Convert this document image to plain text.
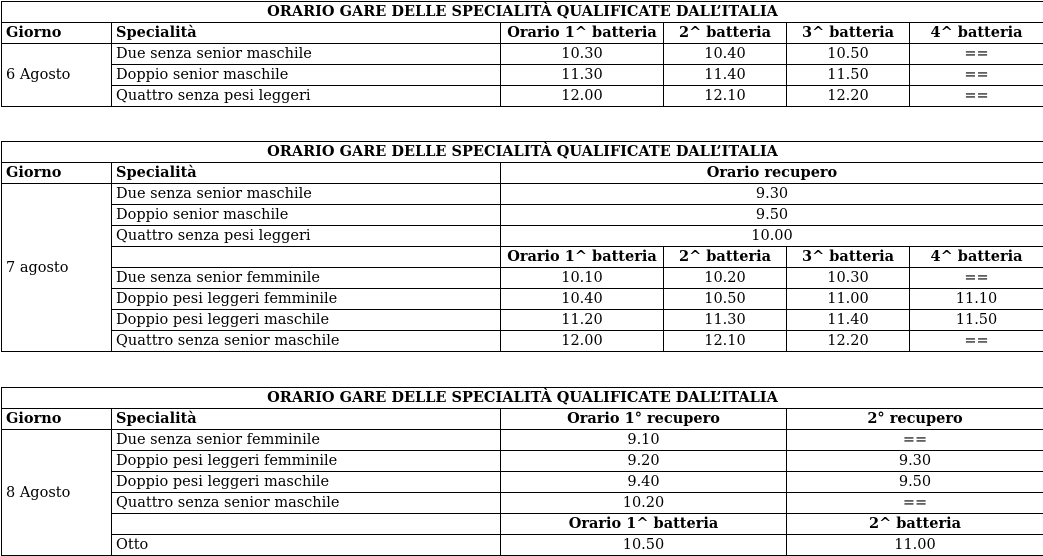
ORARIO GARE DELLE SPECIALITÀ QUALIFICATE DALL’ITALIA					
Giorno	Specialità	Orario 1^ batteria	2^ batteria	3^ batteria	4^ batteria
6 Agosto	Due senza senior maschile	10.30	10.40	10.50	==
	Doppio senior maschile	11.30	11.40	11.50	==
	Quattro senza pesi leggeri	12.00	12.10	12.20	==
ORARIO GARE DELLE SPECIALITÀ QUALIFICATE DALL’ITALIA					
Giorno	Specialità	Orario recupero			
7 agosto	Due senza senior maschile	9.30			
	Doppio senior maschile	9.50			
	Quattro senza pesi leggeri	10.00			
		Orario 1^ batteria	2^ batteria	3^ batteria	4^ batteria
	Due senza senior femminile	10.10	10.20	10.30	==
	Doppio pesi leggeri femminile	10.40	10.50	11.00	11.10
	Doppio pesi leggeri maschile	11.20	11.30	11.40	11.50
	Quattro senza senior maschile	12.00	12.10	12.20	==
ORARIO GARE DELLE SPECIALITÀ QUALIFICATE DALL’ITALIA			
Giorno	Specialità	Orario 1° recupero	2° recupero
8 Agosto	Due senza senior femminile	9.10	==
	Doppio pesi leggeri femminile	9.20	9.30
	Doppio pesi leggeri maschile	9.40	9.50
	Quattro senza senior maschile	10.20	==
		Orario 1^ batteria	2^ batteria
	Otto	10.50	11.00
